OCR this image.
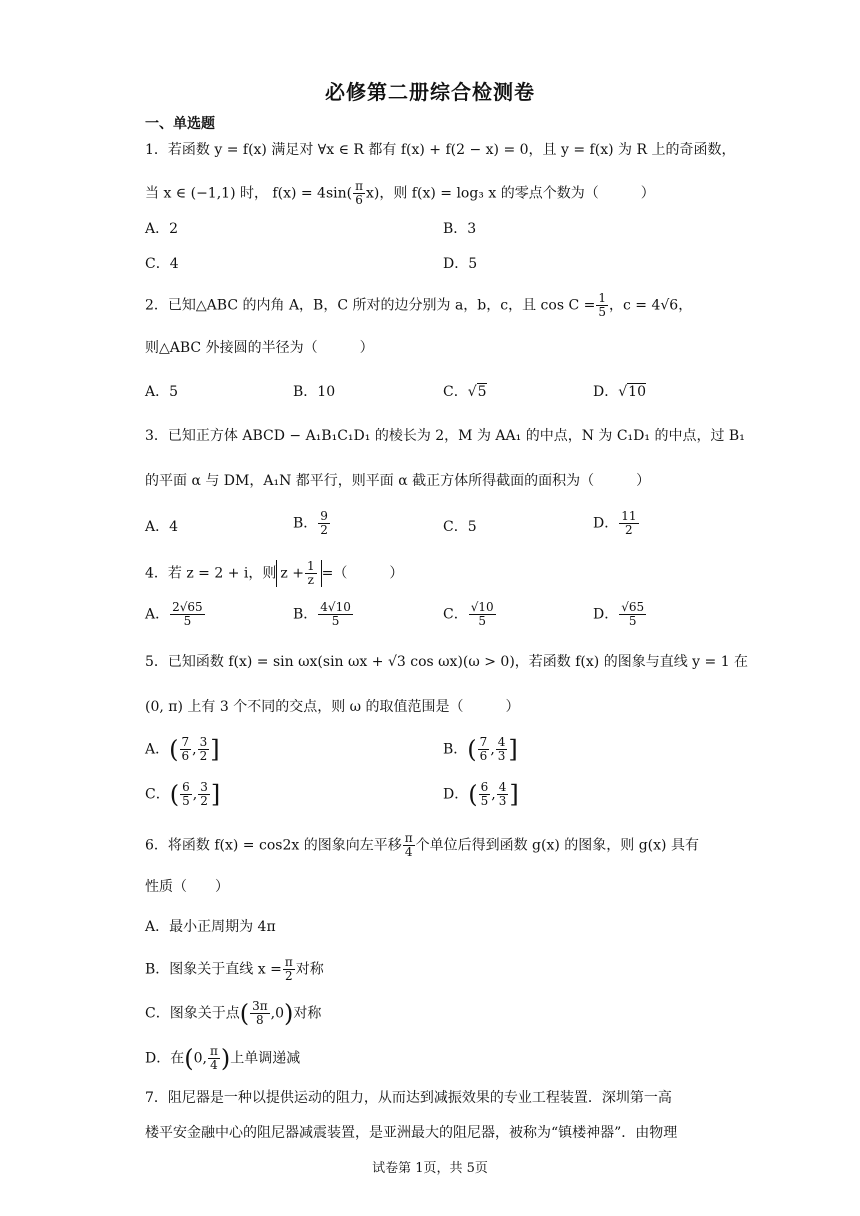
必修第二册综合检测卷
一、单选题
1．若函数 y = f(x) 满足对 ∀x ∈ R 都有 f(x) + f(2 − x) = 0，且 y = f(x) 为 R 上的奇函数，
当 x ∈ (−1,1) 时， $f(x) = 4\sin( \frac{\pi}{6} x)$，则 f(x) = log₃ x 的零点个数为（　　　）
A．2	B．3
C．4	D．5
2．已知△ABC 的内角 A，B，C 所对的边分别为 a，b，c，且 $\cos C = \frac{1}{5}$ ，c = 4√6，
则△ABC 外接圆的半径为（　　　）
A．5	B．10	C．√5	D．√10
3．已知正方体 ABCD − A₁B₁C₁D₁ 的棱长为 2，M 为 AA₁ 的中点，N 为 C₁D₁ 的中点，过 B₁
的平面 α 与 DM，A₁N 都平行，则平面 α 截正方体所得截面的面积为（　　　）
A．4	B． $\frac{9}{2}$	C．5	D． $\frac{11}{2}$
4．若 z = 2 + i，则 $z + \frac{1}{z}$ =（　　　）
A． $\frac{2√65}{5}$	B． $\frac{4√10}{5}$	C． $\frac{√10}{5}$	D． $\frac{√65}{5}$
5．已知函数 f(x) = sin ωx(sin ωx + √3 cos ωx)(ω > 0)，若函数 f(x) 的图象与直线 y = 1 在
(0, π) 上有 3 个不同的交点，则 ω 的取值范围是（　　　）
A．( $\frac{7}{6}$ , $\frac{3}{2}$ ]	B．( $\frac{7}{6}$ , $\frac{4}{3}$ ]
C．( $\frac{6}{5}$ , $\frac{3}{2}$ ]	D．( $\frac{6}{5}$ , $\frac{4}{3}$ ]
6．将函数 f(x) = cos2x 的图象向左平移 $\frac{\pi}{4}$ 个单位后得到函数 g(x) 的图象，则 g(x) 具有
性质（　　）
A．最小正周期为 4π
B．图象关于直线 $x = \frac{\pi}{2}$ 对称
C．图象关于点( $\frac{3\pi}{8} ,0$)对称
D．在(0, $\frac{\pi}{4}$ )上单调递减
7．阻尼器是一种以提供运动的阻力，从而达到减振效果的专业工程装置．深圳第一高
楼平安金融中心的阻尼器减震装置，是亚洲最大的阻尼器，被称为“镇楼神器”．由物理
试卷第 1页，共 5页
